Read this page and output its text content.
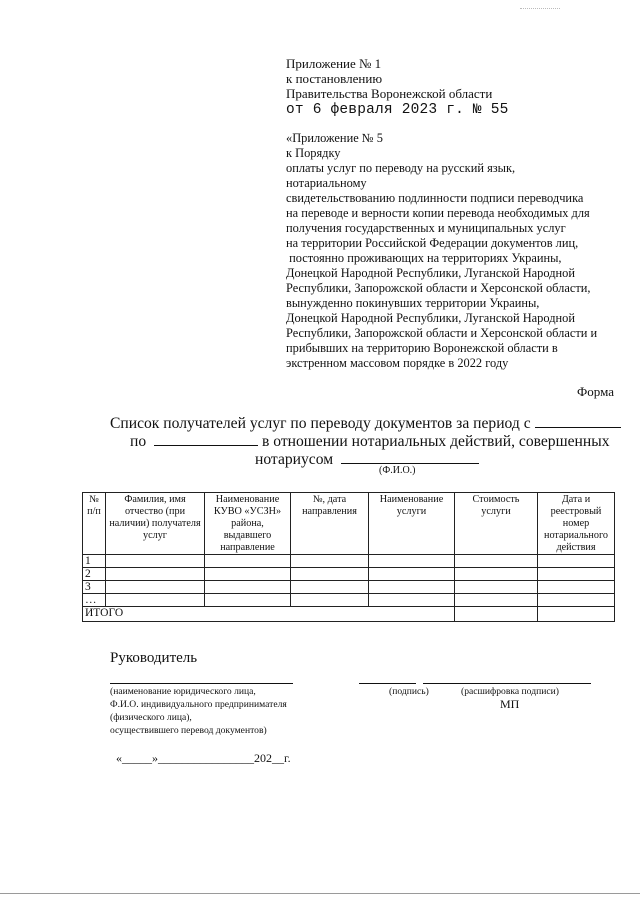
Приложение № 1
к постановлению
Правительства Воронежской области
от 6 февраля 2023 г. № 55
«Приложение № 5
к Порядку
оплаты услуг по переводу на русский язык,
нотариальному
свидетельствованию подлинности подписи переводчика
на переводе и верности копии перевода необходимых для
получения государственных и муниципальных услуг
на территории Российской Федерации документов лиц,
постоянно проживающих на территориях Украины,
Донецкой Народной Республики, Луганской Народной
Республики, Запорожской области и Херсонской области,
вынужденно покинувших территории Украины,
Донецкой Народной Республики, Луганской Народной
Республики, Запорожской области и Херсонской области и
прибывших на территорию Воронежской области в
экстренном массовом порядке в 2022 году
Форма
Список получателей услуг по переводу документов за период с
по	в отношении нотариальных действий, совершенных
нотариусом
(Ф.И.О.)
№ п/п	Фамилия, имя отчество (при наличии) получателя услуг	Наименование КУВО «УСЗН» района, выдавшего направление	№, дата направления	Наименование услуги	Стоимость услуги	Дата и реестровый номер нотариального действия
1						
2						
3						
…						
ИТОГО						
Руководитель
(наименование юридического лица,
Ф.И.О. индивидуального предпринимателя
(физического лица),
осуществившего перевод документов)
(подпись)	(расшифровка подписи)
МП
«_____»________________202__г.
